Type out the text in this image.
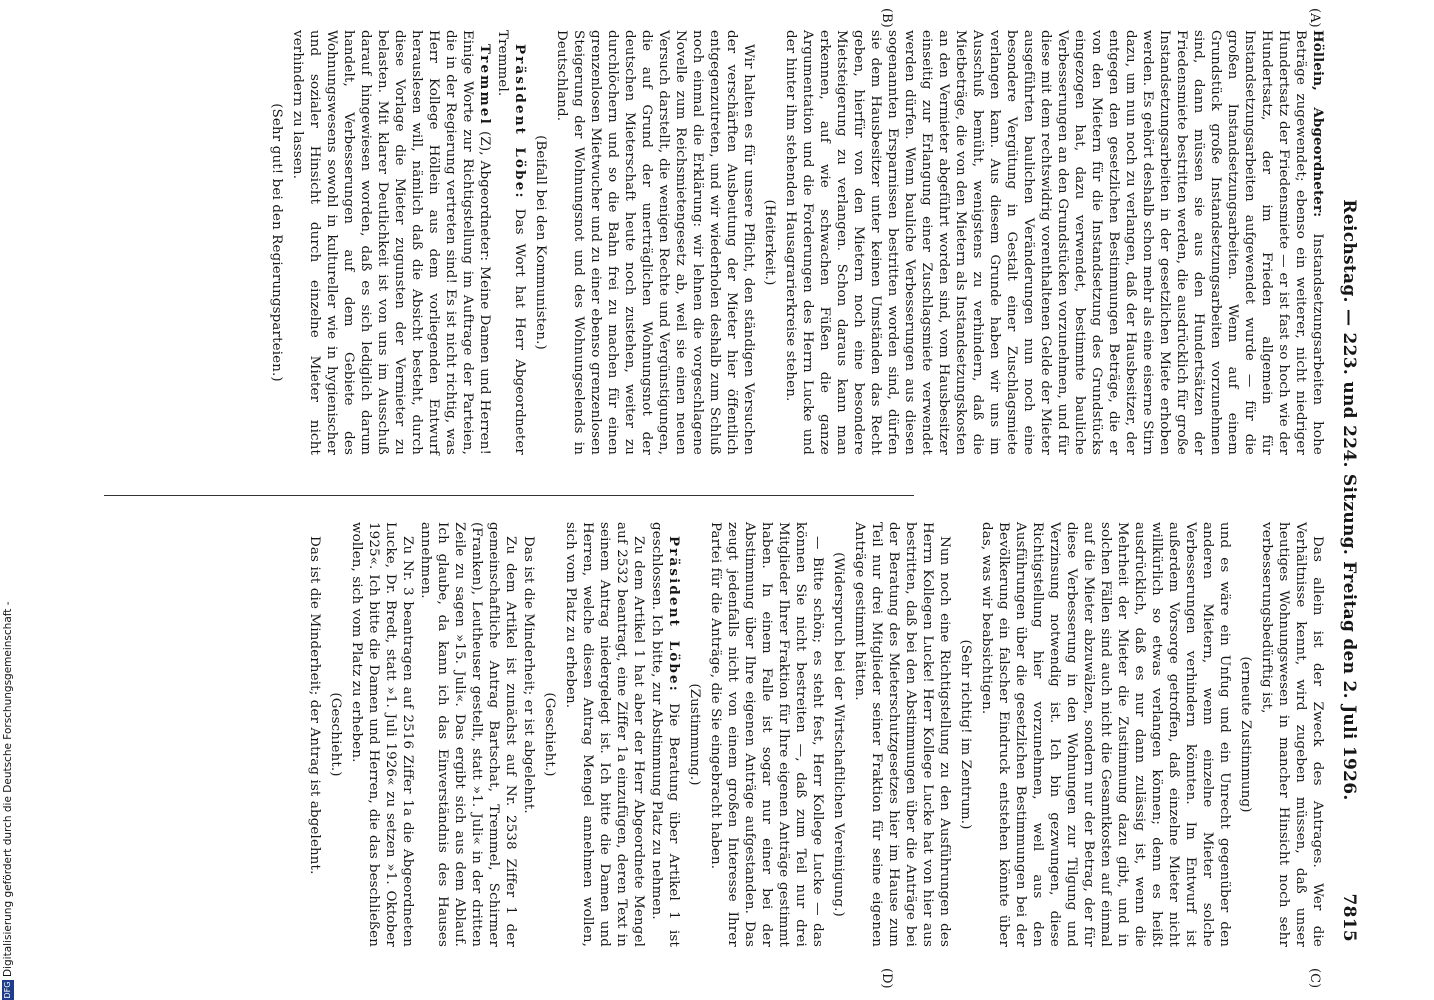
DFGDigitalisierung gefördert durch die Deutsche Forschungsgemeinschaft -	Reichstag. — 223. und 224. Sitzung. Freitag den 2. Juli 1926.
7815
(A)
(B)
(C)
(D)

Höllein, Abgeordneter: Instandsetzungsarbeiten hohe Beträge zugewendet; ebenso ein weiterer, nicht niedriger Hundertsatz der Friedensmiete — er ist fast so hoch wie der Hundertsatz, der im Frieden allgemein für Instandsetzungsarbeiten aufgewendet wurde — für die großen Instandsetzungsarbeiten. Wenn auf einem Grundstück große Instandsetzungsarbeiten vorzunehmen sind, dann müssen sie aus den Hundertsätzen der Friedensmiete bestritten werden, die ausdrücklich für große Instandsetzungsarbeiten in der gesetzlichen Miete erhoben werden. Es gehört deshalb schon mehr als eine eiserne Stirn dazu, um nun noch zu verlangen, daß der Hausbesitzer, der entgegen den gesetzlichen Bestimmungen Beträge, die er von den Mietern für die Instandsetzung des Grundstücks eingezogen hat, dazu verwendet, bestimmte bauliche Verbesserungen an den Grundstücken vorzunehmen, und für diese mit dem rechtswidrig vorenthaltenen Gelde der Mieter ausgeführten baulichen Veränderungen nun noch eine besondere Vergütung in Gestalt einer Zuschlagsmiete verlangen kann. Aus diesem Grunde haben wir uns im Ausschuß bemüht, wenigstens zu verhindern, daß die Mietbeträge, die von den Mietern als Instandsetzungskosten an den Vermieter abgeführt worden sind, vom Hausbesitzer einseitig zur Erlangung einer Zuschlagsmiete verwendet werden dürfen. Wenn bauliche Verbesserungen aus diesen sogenannten Ersparnissen bestritten worden sind, dürfen sie dem Hausbesitzer unter keinen Umständen das Recht geben, hierfür von den Mietern noch eine besondere Mietsteigerung zu verlangen. Schon daraus kann man erkennen, auf wie schwachen Füßen die ganze Argumentation und die Forderungen des Herrn Lucke und der hinter ihm stehenden Hausagrarierkreise stehen.

(Heiterkeit.)

Wir halten es für unsere Pflicht, den ständigen Versuchen der verschärften Ausbeutung der Mieter hier öffentlich entgegenzutreten, und wir wiederholen deshalb zum Schluß noch einmal die Erklärung: wir lehnen die vorgeschlagene Novelle zum Reichsmietengesetz ab, weil sie einen neuen Versuch darstellt, die wenigen Rechte und Vergünstigungen, die auf Grund der unerträglichen Wohnungsnot der deutschen Mieterschaft heute noch zustehen, weiter zu durchlöchern und so die Bahn frei zu machen für einen grenzenlosen Mietwucher und zu einer ebenso grenzenlosen Steigerung der Wohnungsnot und des Wohnungselends in Deutschland.

(Beifall bei den Kommunisten.)

Präsident Löbe: Das Wort hat Herr Abgeordneter Tremmel.

Tremmel (Z), Abgeordneter: Meine Damen und Herren! Einige Worte zur Richtigstellung im Auftrage der Parteien, die in der Regierung vertreten sind! Es ist nicht richtig, was Herr Kollege Höllein aus dem vorliegenden Entwurf herauslesen will, nämlich daß die Absicht besteht, durch diese Vorlage die Mieter zugunsten der Vermieter zu belasten. Mit klarer Deutlichkeit ist von uns im Ausschuß darauf hingewiesen worden, daß es sich lediglich darum handelt, Verbesserungen auf dem Gebiete des Wohnungswesens sowohl in kultureller wie in hygienischer und sozialer Hinsicht durch einzelne Mieter nicht verhindern zu lassen.

(Sehr gut! bei den Regierungsparteien.)

Das allein ist der Zweck des Antrages. Wer die Verhältnisse kennt, wird zugeben müssen, daß unser heutiges Wohnungswesen in mancher Hinsicht noch sehr verbesserungsbedürftig ist,

(erneute Zustimmung)

und es wäre ein Unfug und ein Unrecht gegenüber den anderen Mietern, wenn einzelne Mieter solche Verbesserungen verhindern könnten. Im Entwurf ist außerdem Vorsorge getroffen, daß einzelne Mieter nicht willkürlich so etwas verlangen können; denn es heißt ausdrücklich, daß es nur dann zulässig ist, wenn die Mehrheit der Mieter die Zustimmung dazu gibt, und in solchen Fällen sind auch nicht die Gesamtkosten auf einmal auf die Mieter abzuwälzen, sondern nur der Betrag, der für diese Verbesserung in den Wohnungen zur Tilgung und Verzinsung notwendig ist. Ich bin gezwungen, diese Richtigstellung hier vorzunehmen, weil aus den Ausführungen über die gesetzlichen Bestimmungen bei der Bevölkerung ein falscher Eindruck entstehen könnte über das, was wir beabsichtigen.

(Sehr richtig! im Zentrum.)

Nun noch eine Richtigstellung zu den Ausführungen des Herrn Kollegen Lucke! Herr Kollege Lucke hat von hier aus bestritten, daß bei den Abstimmungen über die Anträge bei der Beratung des Mieterschutzgesetzes hier im Hause zum Teil nur drei Mitglieder seiner Fraktion für seine eigenen Anträge gestimmt hätten.

(Widerspruch bei der Wirtschaftlichen Vereinigung.)

— Bitte schön; es steht fest, Herr Kollege Lucke — das können Sie nicht bestreiten —, daß zum Teil nur drei Mitglieder Ihrer Fraktion für Ihre eigenen Anträge gestimmt haben. In einem Falle ist sogar nur einer bei der Abstimmung über Ihre eigenen Anträge aufgestanden. Das zeugt jedenfalls nicht von einem großen Interesse Ihrer Partei für die Anträge, die Sie eingebracht haben.

(Zustimmung.)

Präsident Löbe: Die Beratung über Artikel 1 ist geschlossen. Ich bitte, zur Abstimmung Platz zu nehmen.

Zu dem Artikel 1 hat aber der Herr Abgeordnete Mengel auf 2532 beantragt, eine Ziffer 1a einzufügen, deren Text in seinem Antrag niedergelegt ist. Ich bitte die Damen und Herren, welche diesen Antrag Mengel annehmen wollen, sich vom Platz zu erheben.

(Geschieht.)

Das ist die Minderheit; er ist abgelehnt.

Zu dem Artikel ist zunächst auf Nr. 2538 Ziffer 1 der gemeinschaftliche Antrag Bartschat, Tremmel, Schirmer (Franken), Leutheuser gestellt, statt »1. Juli« in der dritten Zeile zu sagen »15. Juli«. Das ergibt sich aus dem Ablauf. Ich glaube, da kann ich das Einverständnis des Hauses annehmen.

Zu Nr. 3 beantragen auf 2516 Ziffer 1a die Abgeordneten Lucke, Dr. Bredt, statt »1. Juli 1926« zu setzen »1. Oktober 1925«. Ich bitte die Damen und Herren, die das beschließen wollen, sich vom Platz zu erheben.

(Geschieht.)

Das ist die Minderheit; der Antrag ist abgelehnt.
